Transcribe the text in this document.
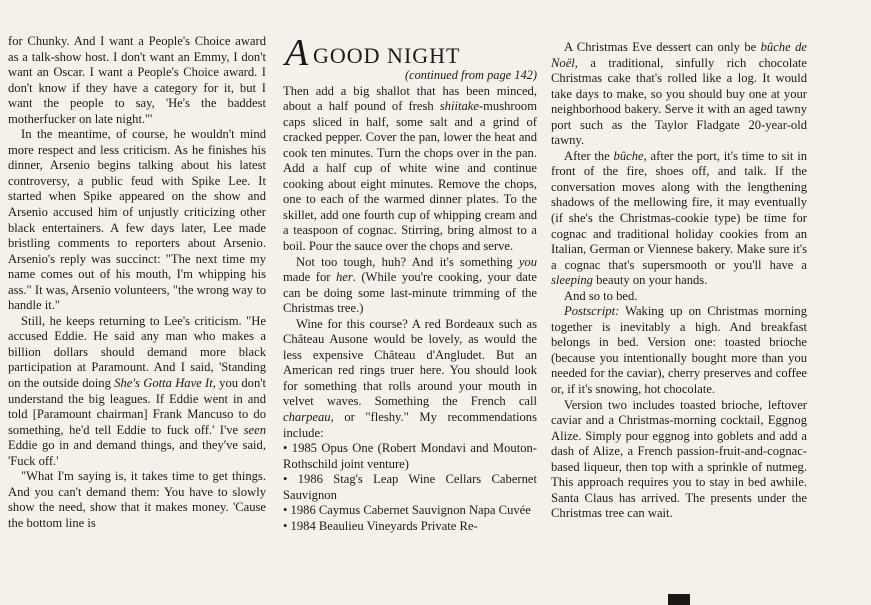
for Chunky. And I want a People's Choice award as a talk-show host. I don't want an Emmy, I don't want an Oscar. I want a People's Choice award. I don't know if they have a category for it, but I want the people to say, 'He's the baddest motherfucker on late night.'"

In the meantime, of course, he wouldn't mind more respect and less criticism. As he finishes his dinner, Arsenio begins talking about his latest controversy, a public feud with Spike Lee. It started when Spike appeared on the show and Arsenio accused him of unjustly criticizing other black entertainers. A few days later, Lee made bristling comments to reporters about Arsenio. Arsenio's reply was succinct: "The next time my name comes out of his mouth, I'm whipping his ass." It was, Arsenio volunteers, "the wrong way to handle it."

Still, he keeps returning to Lee's criticism. "He accused Eddie. He said any man who makes a billion dollars should demand more black participation at Paramount. And I said, 'Standing on the outside doing She's Gotta Have It, you don't understand the big leagues. If Eddie went in and told [Paramount chairman] Frank Mancuso to do something, he'd tell Eddie to fuck off.' I've seen Eddie go in and demand things, and they've said, 'Fuck off.'

"What I'm saying is, it takes time to get things. And you can't demand them: You have to slowly show the need, show that it makes money. 'Cause the bottom line is

A GOOD NIGHT

(continued from page 142)

Then add a big shallot that has been minced, about a half pound of fresh shiitake-mushroom caps sliced in half, some salt and a grind of cracked pepper. Cover the pan, lower the heat and cook ten minutes. Turn the chops over in the pan. Add a half cup of white wine and continue cooking about eight minutes. Remove the chops, one to each of the warmed dinner plates. To the skillet, add one fourth cup of whipping cream and a teaspoon of cognac. Stirring, bring almost to a boil. Pour the sauce over the chops and serve.

Not too tough, huh? And it's something you made for her. (While you're cooking, your date can be doing some last-minute trimming of the Christmas tree.)

Wine for this course? A red Bordeaux such as Château Ausone would be lovely, as would the less expensive Château d'Angludet. But an American red rings truer here. You should look for something that rolls around your mouth in velvet waves. Something the French call charpeau, or "fleshy." My recommendations include:

• 1985 Opus One (Robert Mondavi and Mouton-Rothschild joint venture)

• 1986 Stag's Leap Wine Cellars Cabernet Sauvignon

• 1986 Caymus Cabernet Sauvignon Napa Cuvée

• 1984 Beaulieu Vineyards Private Re-

A Christmas Eve dessert can only be bûche de Noël, a traditional, sinfully rich chocolate Christmas cake that's rolled like a log. It would take days to make, so you should buy one at your neighborhood bakery. Serve it with an aged tawny port such as the Taylor Fladgate 20-year-old tawny.

After the bûche, after the port, it's time to sit in front of the fire, shoes off, and talk. If the conversation moves along with the lengthening shadows of the mellowing fire, it may eventually (if she's the Christmas-cookie type) be time for cognac and traditional holiday cookies from an Italian, German or Viennese bakery. Make sure it's a cognac that's supersmooth or you'll have a sleeping beauty on your hands.

And so to bed.

Postscript: Waking up on Christmas morning together is inevitably a high. And breakfast belongs in bed. Version one: toasted brioche (because you intentionally bought more than you needed for the caviar), cherry preserves and coffee or, if it's snowing, hot chocolate.

Version two includes toasted brioche, leftover caviar and a Christmas-morning cocktail, Eggnog Alize. Simply pour eggnog into goblets and add a dash of Alize, a French passion-fruit-and-cognac-based liqueur, then top with a sprinkle of nutmeg. This approach requires you to stay in bed awhile. Santa Claus has arrived. The presents under the Christmas tree can wait.
